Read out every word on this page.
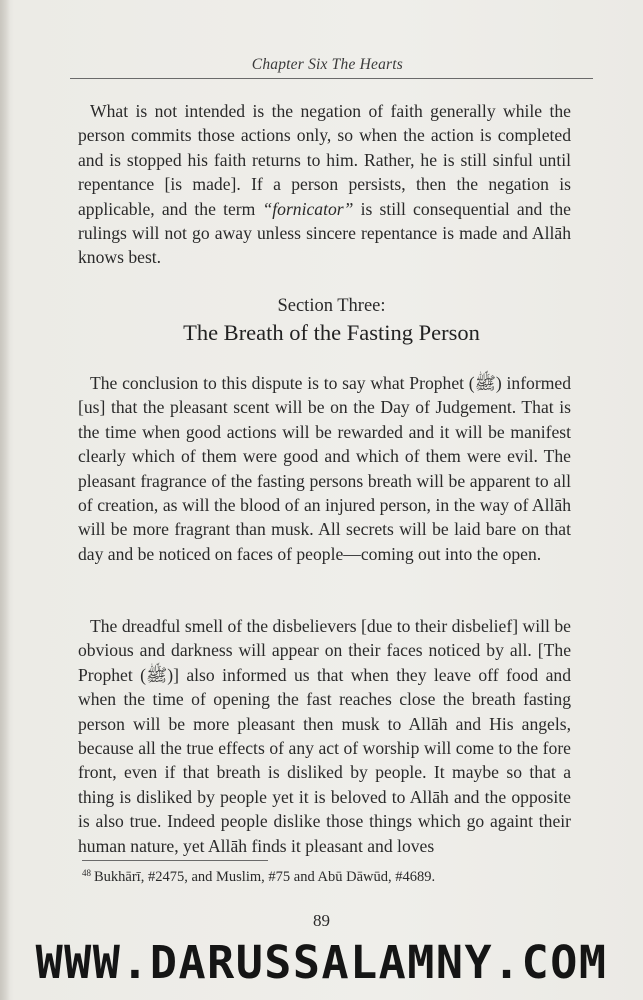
Chapter Six The Hearts

What is not intended is the negation of faith generally while the person commits those actions only, so when the action is completed and is stopped his faith returns to him. Rather, he is still sinful until repentance [is made]. If a person persists, then the negation is applicable, and the term “fornicator” is still consequential and the rulings will not go away unless sincere repentance is made and Allāh knows best.

Section Three:
The Breath of the Fasting Person

The conclusion to this dispute is to say what Prophet (ﷺ) informed [us] that the pleasant scent will be on the Day of Judgement. That is the time when good actions will be rewarded and it will be manifest clearly which of them were good and which of them were evil. The pleasant fragrance of the fasting persons breath will be apparent to all of creation, as will the blood of an injured person, in the way of Allāh will be more fragrant than musk. All secrets will be laid bare on that day and be noticed on faces of people—coming out into the open.

The dreadful smell of the disbelievers [due to their disbelief] will be obvious and darkness will appear on their faces noticed by all. [The Prophet (ﷺ)] also informed us that when they leave off food and when the time of opening the fast reaches close the breath fasting person will be more pleasant then musk to Allāh and His angels, because all the true effects of any act of worship will come to the fore front, even if that breath is disliked by people. It maybe so that a thing is disliked by people yet it is beloved to Allāh and the opposite is also true. Indeed people dislike those things which go againt their human nature, yet Allāh finds it pleasant and loves

$^{48}$ Bukhārī, #2475, and Muslim, #75 and Abū Dāwūd, #4689.
89
WWW.DARUSSALAMNY.COM
